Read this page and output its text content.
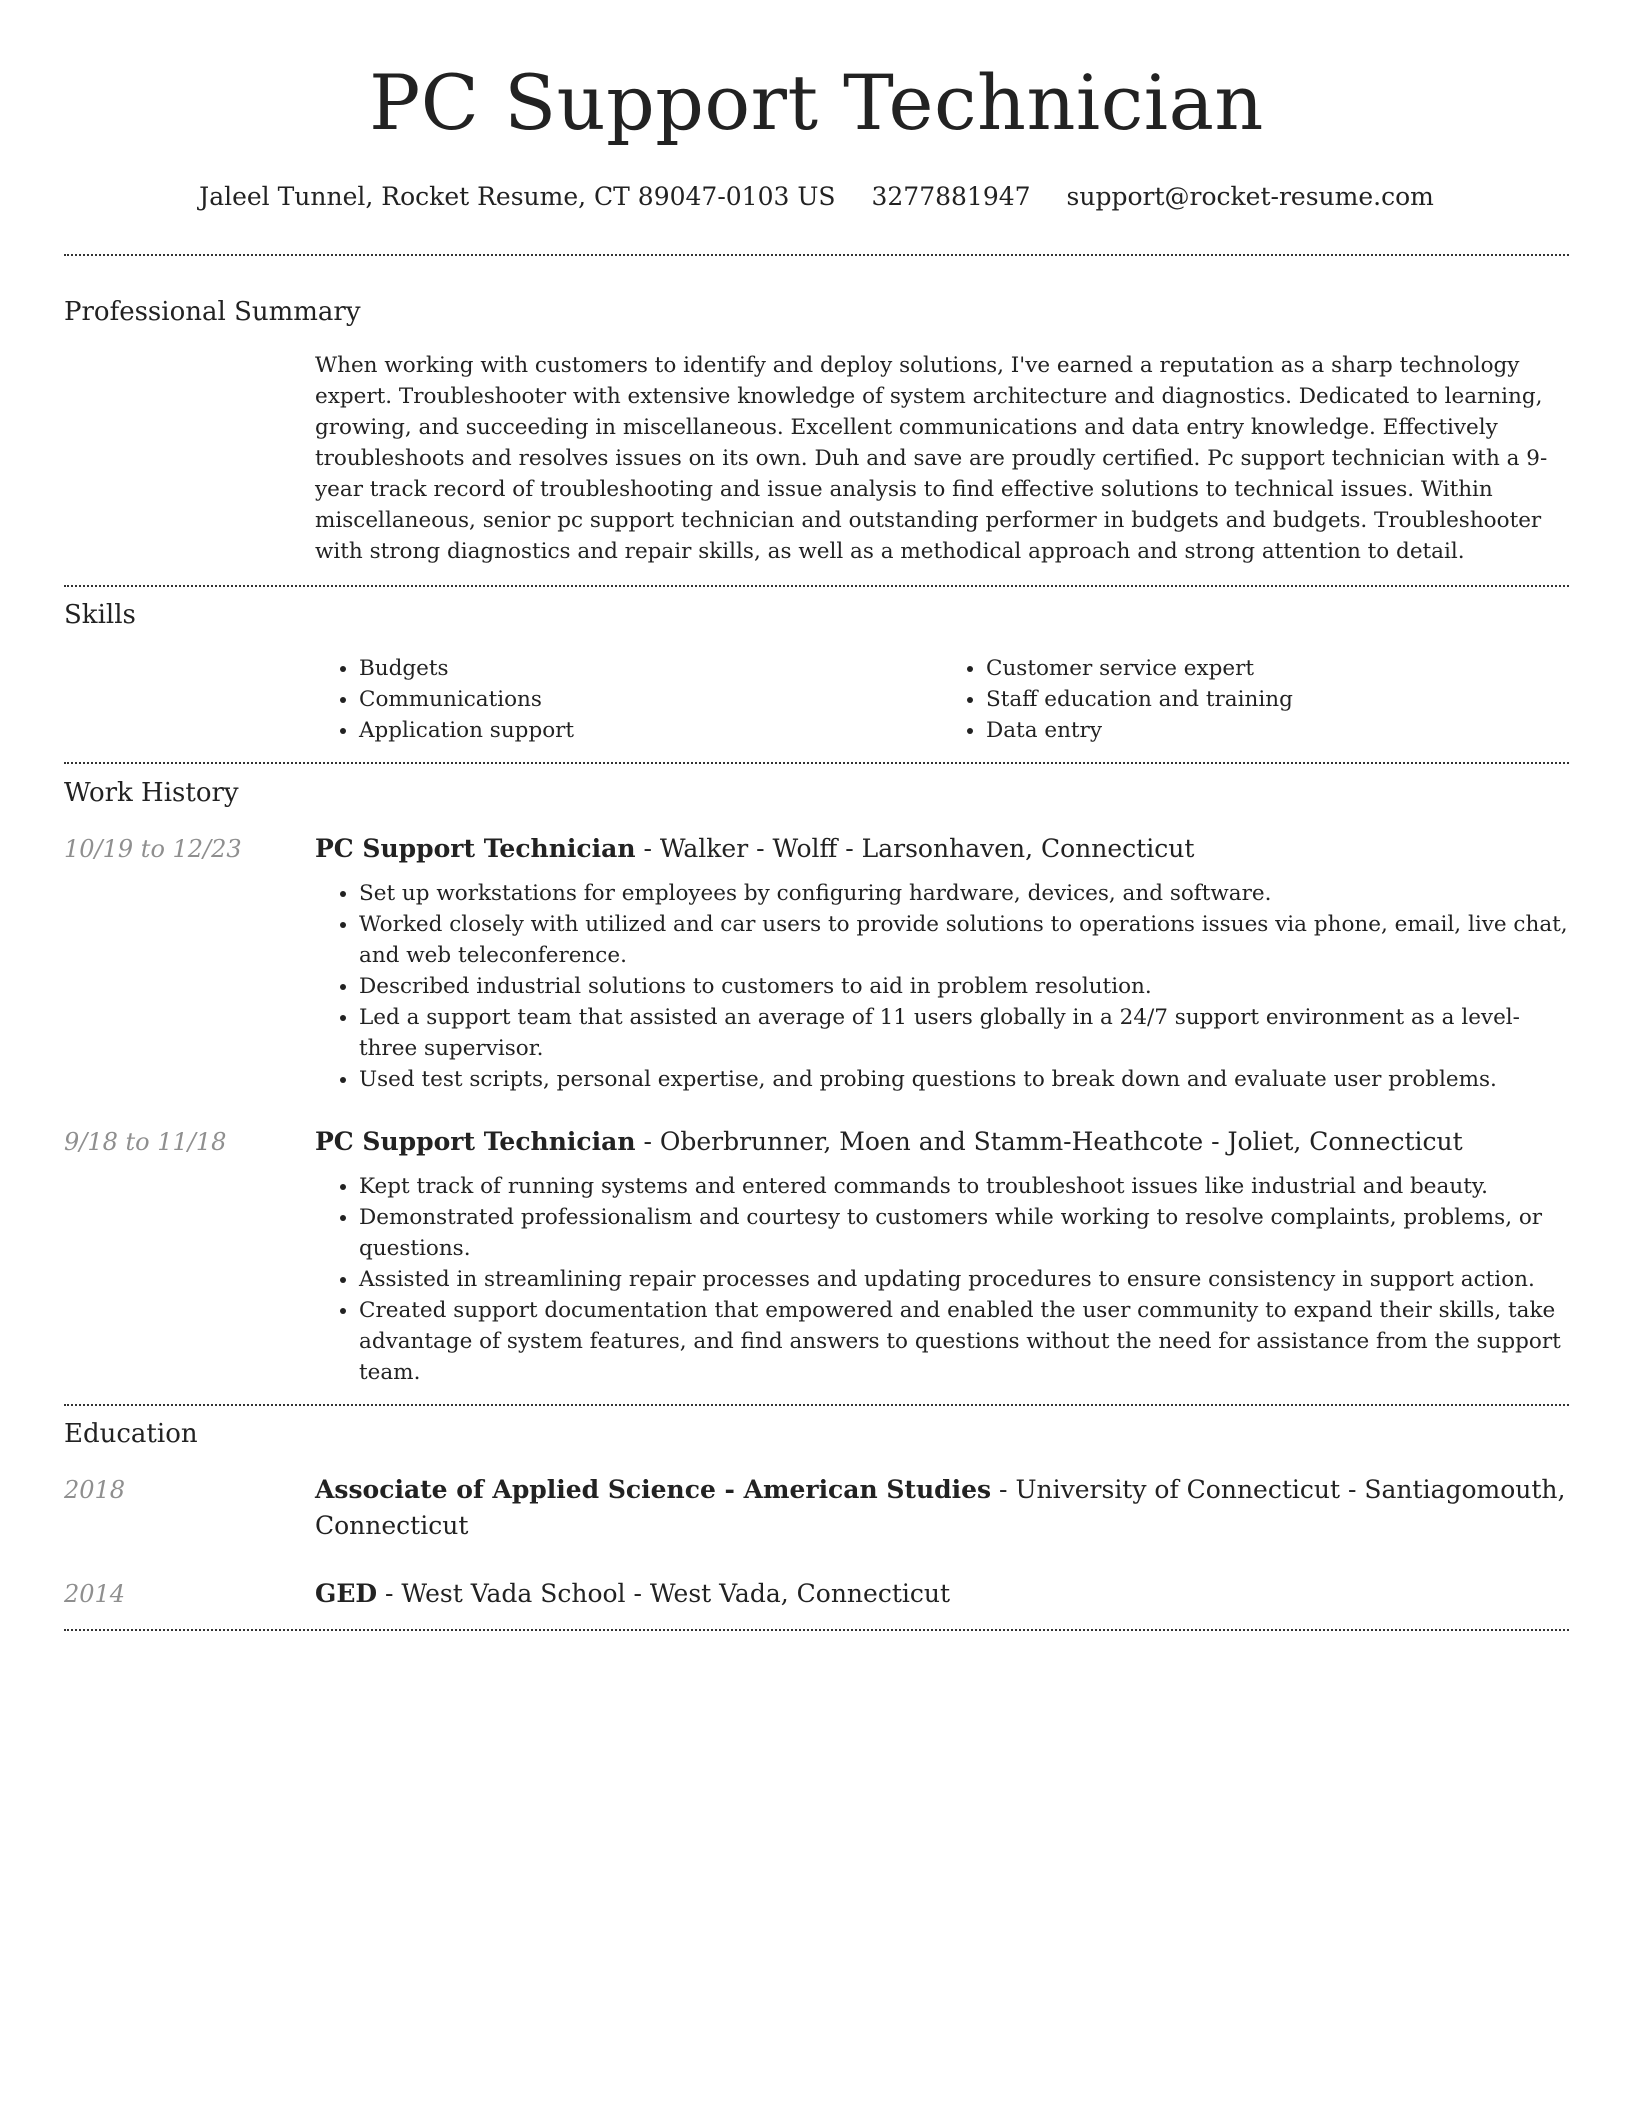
PC Support Technician
Jaleel Tunnel, Rocket Resume, CT 89047-0103 US 3277881947 support@rocket-resume.com
Professional Summary

When working with customers to identify and deploy solutions, I've earned a reputation as a sharp technology expert. Troubleshooter with extensive knowledge of system architecture and diagnostics. Dedicated to learning, growing, and succeeding in miscellaneous. Excellent communications and data entry knowledge. Effectively troubleshoots and resolves issues on its own. Duh and save are proudly certified. Pc support technician with a 9-year track record of troubleshooting and issue analysis to find effective solutions to technical issues. Within miscellaneous, senior pc support technician and outstanding performer in budgets and budgets. Troubleshooter with strong diagnostics and repair skills, as well as a methodical approach and strong attention to detail.

Skills
• Budgets
• Communications
• Application support
• Customer service expert
• Staff education and training
• Data entry
Work History
10/19 to 12/23	PC Support Technician - Walker - Wolff - Larsonhaven, Connecticut

• Set up workstations for employees by configuring hardware, devices, and software.
• Worked closely with utilized and car users to provide solutions to operations issues via phone, email, live chat, and web teleconference.
• Described industrial solutions to customers to aid in problem resolution.
• Led a support team that assisted an average of 11 users globally in a 24/7 support environment as a level-three supervisor.
• Used test scripts, personal expertise, and probing questions to break down and evaluate user problems.
9/18 to 11/18	PC Support Technician - Oberbrunner, Moen and Stamm-Heathcote - Joliet, Connecticut

• Kept track of running systems and entered commands to troubleshoot issues like industrial and beauty.
• Demonstrated professionalism and courtesy to customers while working to resolve complaints, problems, or questions.
• Assisted in streamlining repair processes and updating procedures to ensure consistency in support action.
• Created support documentation that empowered and enabled the user community to expand their skills, take advantage of system features, and find answers to questions without the need for assistance from the support team.
Education
2018	Associate of Applied Science - American Studies - University of Connecticut - Santiagomouth, Connecticut

2014	GED - West Vada School - West Vada, Connecticut
